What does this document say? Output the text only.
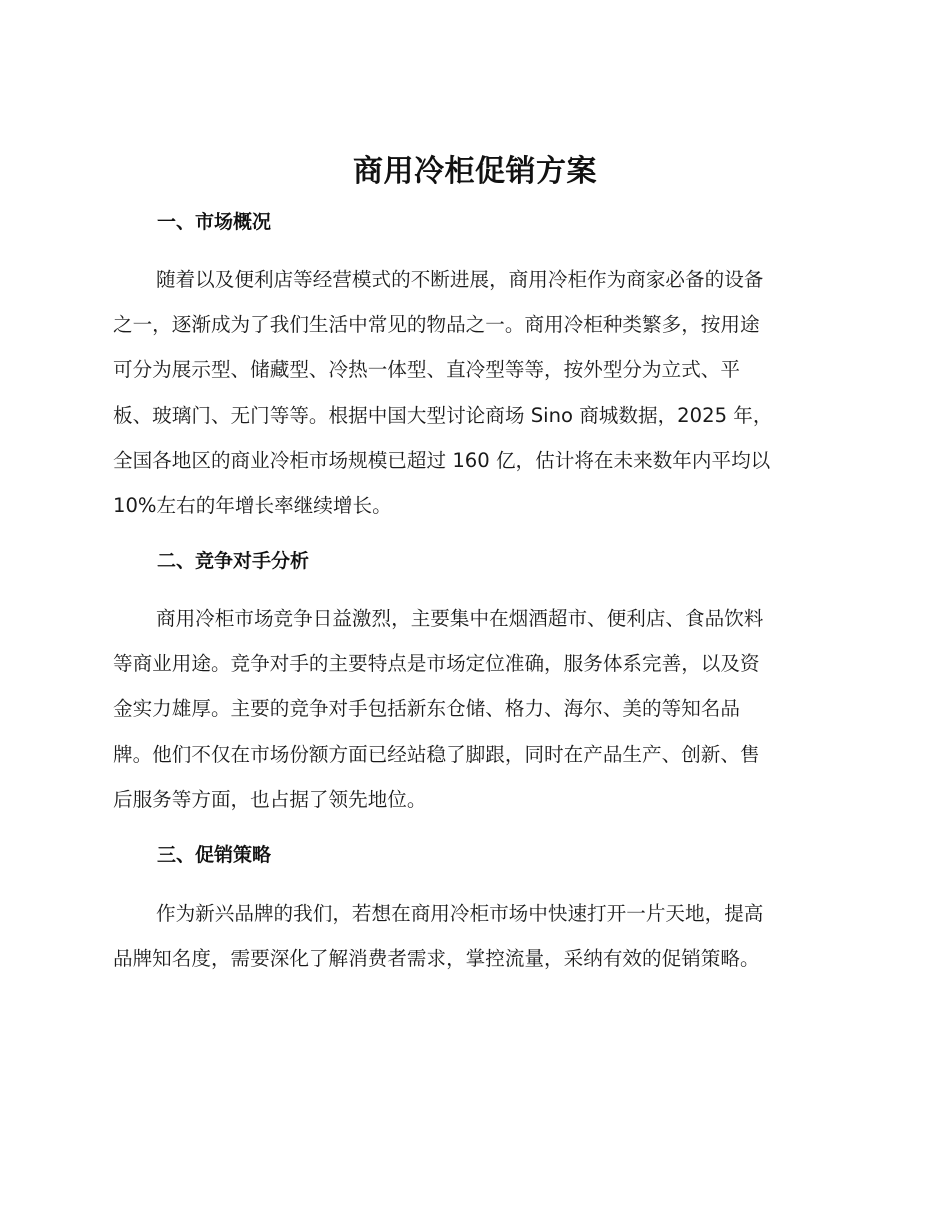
商用冷柜促销方案
一、市场概况
随着以及便利店等经营模式的不断进展，商用冷柜作为商家必备的设备
之一，逐渐成为了我们生活中常见的物品之一。商用冷柜种类繁多，按用途
可分为展示型、储藏型、冷热一体型、直冷型等等，按外型分为立式、平
板、玻璃门、无门等等。根据中国大型讨论商场 Sino 商城数据，2025 年，
全国各地区的商业冷柜市场规模已超过 160 亿，估计将在未来数年内平均以
10%左右的年增长率继续增长。
二、竞争对手分析
商用冷柜市场竞争日益激烈，主要集中在烟酒超市、便利店、食品饮料
等商业用途。竞争对手的主要特点是市场定位准确，服务体系完善，以及资
金实力雄厚。主要的竞争对手包括新东仓储、格力、海尔、美的等知名品
牌。他们不仅在市场份额方面已经站稳了脚跟，同时在产品生产、创新、售
后服务等方面，也占据了领先地位。
三、促销策略
作为新兴品牌的我们，若想在商用冷柜市场中快速打开一片天地，提高
品牌知名度，需要深化了解消费者需求，掌控流量，采纳有效的促销策略。
